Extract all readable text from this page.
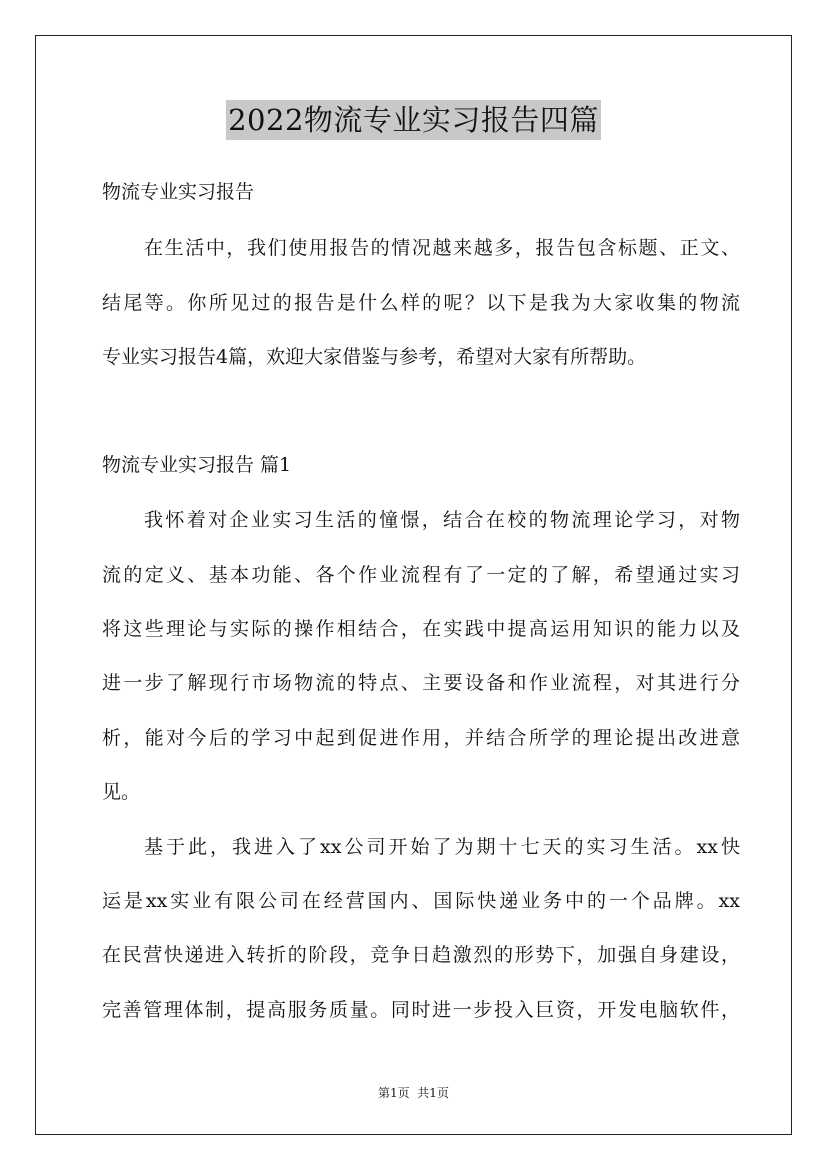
2022物流专业实习报告四篇
物流专业实习报告
在生活中，我们使用报告的情况越来越多，报告包含标题、正文、
结尾等。你所见过的报告是什么样的呢？以下是我为大家收集的物流
专业实习报告4篇，欢迎大家借鉴与参考，希望对大家有所帮助。
物流专业实习报告 篇1
我怀着对企业实习生活的憧憬，结合在校的物流理论学习，对物
流的定义、基本功能、各个作业流程有了一定的了解，希望通过实习
将这些理论与实际的操作相结合，在实践中提高运用知识的能力以及
进一步了解现行市场物流的特点、主要设备和作业流程，对其进行分
析，能对今后的学习中起到促进作用，并结合所学的理论提出改进意
见。
基于此，我进入了xx公司开始了为期十七天的实习生活。xx快
运是xx实业有限公司在经营国内、国际快递业务中的一个品牌。xx
在民营快递进入转折的阶段，竞争日趋激烈的形势下，加强自身建设，
完善管理体制，提高服务质量。同时进一步投入巨资，开发电脑软件，
第1页  共1页
